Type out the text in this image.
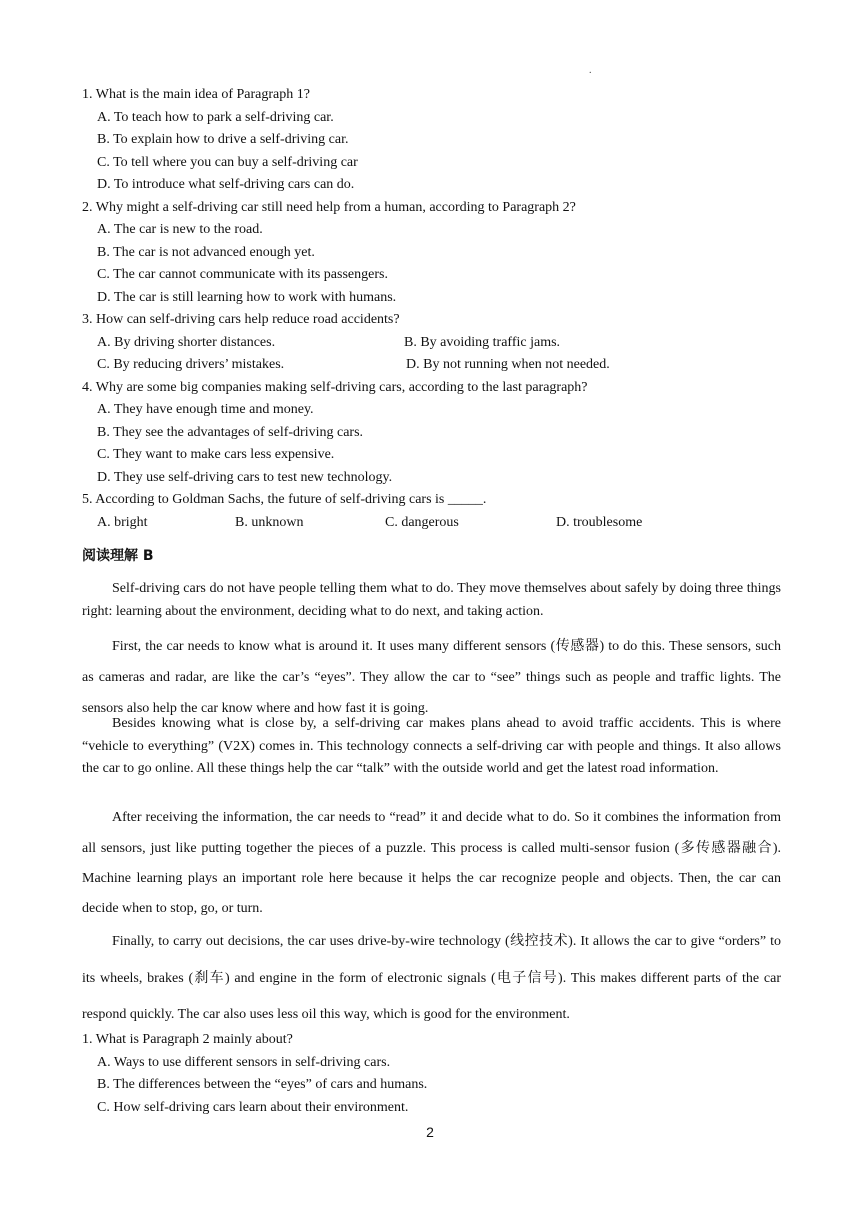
.
1. What is the main idea of Paragraph 1?
A. To teach how to park a self-driving car.
B. To explain how to drive a self-driving car.
C. To tell where you can buy a self-driving car
D. To introduce what self-driving cars can do.
2. Why might a self-driving car still need help from a human, according to Paragraph 2?
A. The car is new to the road.
B. The car is not advanced enough yet.
C. The car cannot communicate with its passengers.
D. The car is still learning how to work with humans.
3. How can self-driving cars help reduce road accidents?
A. By driving shorter distances.	B. By avoiding traffic jams.
C. By reducing drivers’ mistakes.	D. By not running when not needed.
4. Why are some big companies making self-driving cars, according to the last paragraph?
A. They have enough time and money.
B. They see the advantages of self-driving cars.
C. They want to make cars less expensive.
D. They use self-driving cars to test new technology.
5. According to Goldman Sachs, the future of self-driving cars is _____.
A. bright	B. unknown	C. dangerous	D. troublesome
阅读理解 B
Self-driving cars do not have people telling them what to do. They move themselves about safely by doing three things right: learning about the environment, deciding what to do next, and taking action.
First, the car needs to know what is around it. It uses many different sensors (传感器) to do this. These sensors, such as cameras and radar, are like the car’s “eyes”. They allow the car to “see” things such as people and traffic lights. The sensors also help the car know where and how fast it is going.
Besides knowing what is close by, a self-driving car makes plans ahead to avoid traffic accidents. This is where “vehicle to everything” (V2X) comes in. This technology connects a self-driving car with people and things. It also allows the car to go online. All these things help the car “talk” with the outside world and get the latest road information.
After receiving the information, the car needs to “read” it and decide what to do. So it combines the information from all sensors, just like putting together the pieces of a puzzle. This process is called multi-sensor fusion (多传感器融合). Machine learning plays an important role here because it helps the car recognize people and objects. Then, the car can decide when to stop, go, or turn.
Finally, to carry out decisions, the car uses drive-by-wire technology (线控技术). It allows the car to give “orders” to its wheels, brakes (刹车) and engine in the form of electronic signals (电子信号). This makes different parts of the car respond quickly. The car also uses less oil this way, which is good for the environment.
1. What is Paragraph 2 mainly about?
A. Ways to use different sensors in self-driving cars.
B. The differences between the “eyes” of cars and humans.
C. How self-driving cars learn about their environment.
2
